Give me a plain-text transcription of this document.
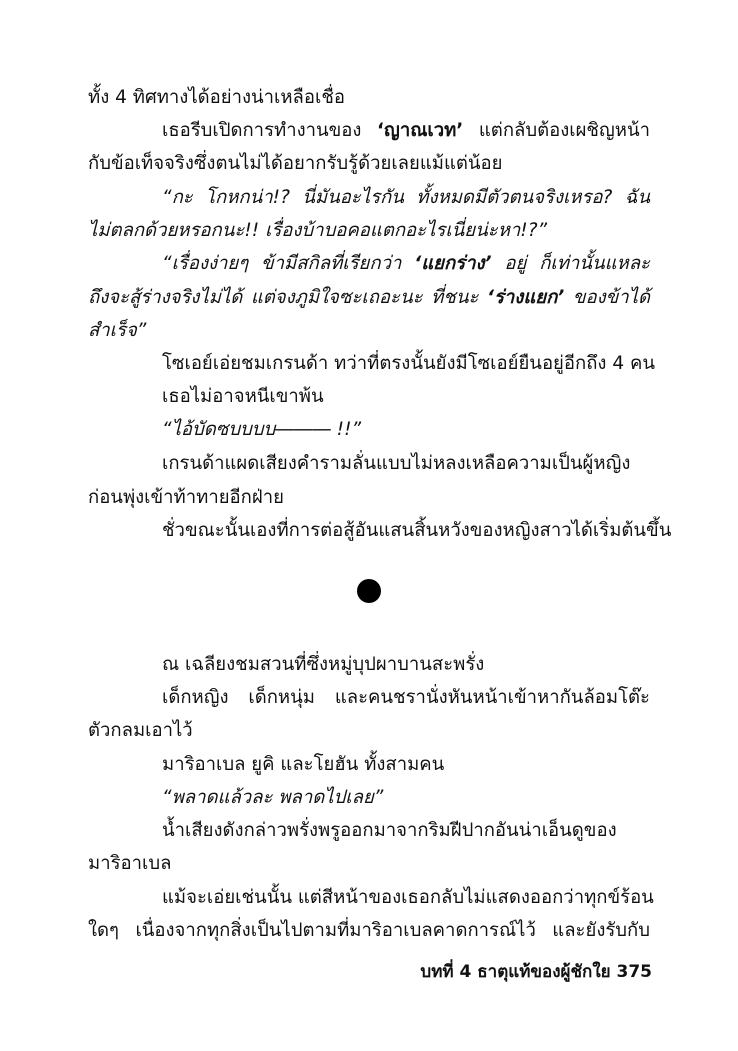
ทั้ง 4 ทิศทางได้อย่างน่าเหลือเชื่อ
เธอรีบเปิดการทำงานของ ‘ญาณเวท’ แต่กลับต้องเผชิญหน้า
กับข้อเท็จจริงซึ่งตนไม่ได้อยากรับรู้ด้วยเลยแม้แต่น้อย
“กะ โกหกน่า!? นี่มันอะไรกัน ทั้งหมดมีตัวตนจริงเหรอ? ฉัน
ไม่ตลกด้วยหรอกนะ!! เรื่องบ้าบอคอแตกอะไรเนี่ยน่ะหา!?”
“เรื่องง่ายๆ ข้ามีสกิลที่เรียกว่า ‘แยกร่าง’ อยู่ ก็เท่านั้นแหละ
ถึงจะสู้ร่างจริงไม่ได้ แต่จงภูมิใจซะเถอะนะ ที่ชนะ ‘ร่างแยก’ ของข้าได้
สำเร็จ”
โซเอย์เอ่ยชมเกรนด้า ทว่าที่ตรงนั้นยังมีโซเอย์ยืนอยู่อีกถึง 4 คน
เธอไม่อาจหนีเขาพ้น
“ไอ้บัดซบบบบ――― !!”
เกรนด้าแผดเสียงคำรามลั่นแบบไม่หลงเหลือความเป็นผู้หญิง
ก่อนพุ่งเข้าท้าทายอีกฝ่าย
ชั่วขณะนั้นเองที่การต่อสู้อันแสนสิ้นหวังของหญิงสาวได้เริ่มต้นขึ้น
ณ เฉลียงชมสวนที่ซึ่งหมู่บุปผาบานสะพรั่ง
เด็กหญิง เด็กหนุ่ม และคนชรานั่งหันหน้าเข้าหากันล้อมโต๊ะ
ตัวกลมเอาไว้
มาริอาเบล ยูคิ และโยฮัน ทั้งสามคน
“พลาดแล้วละ พลาดไปเลย”
น้ำเสียงดังกล่าวพรั่งพรูออกมาจากริมฝีปากอันน่าเอ็นดูของ
มาริอาเบล
แม้จะเอ่ยเช่นนั้น แต่สีหน้าของเธอกลับไม่แสดงออกว่าทุกข์ร้อน
ใดๆ เนื่องจากทุกสิ่งเป็นไปตามที่มาริอาเบลคาดการณ์ไว้ และยังรับกับ
บทที่ 4 ธาตุแท้ของผู้ชักใย 375
